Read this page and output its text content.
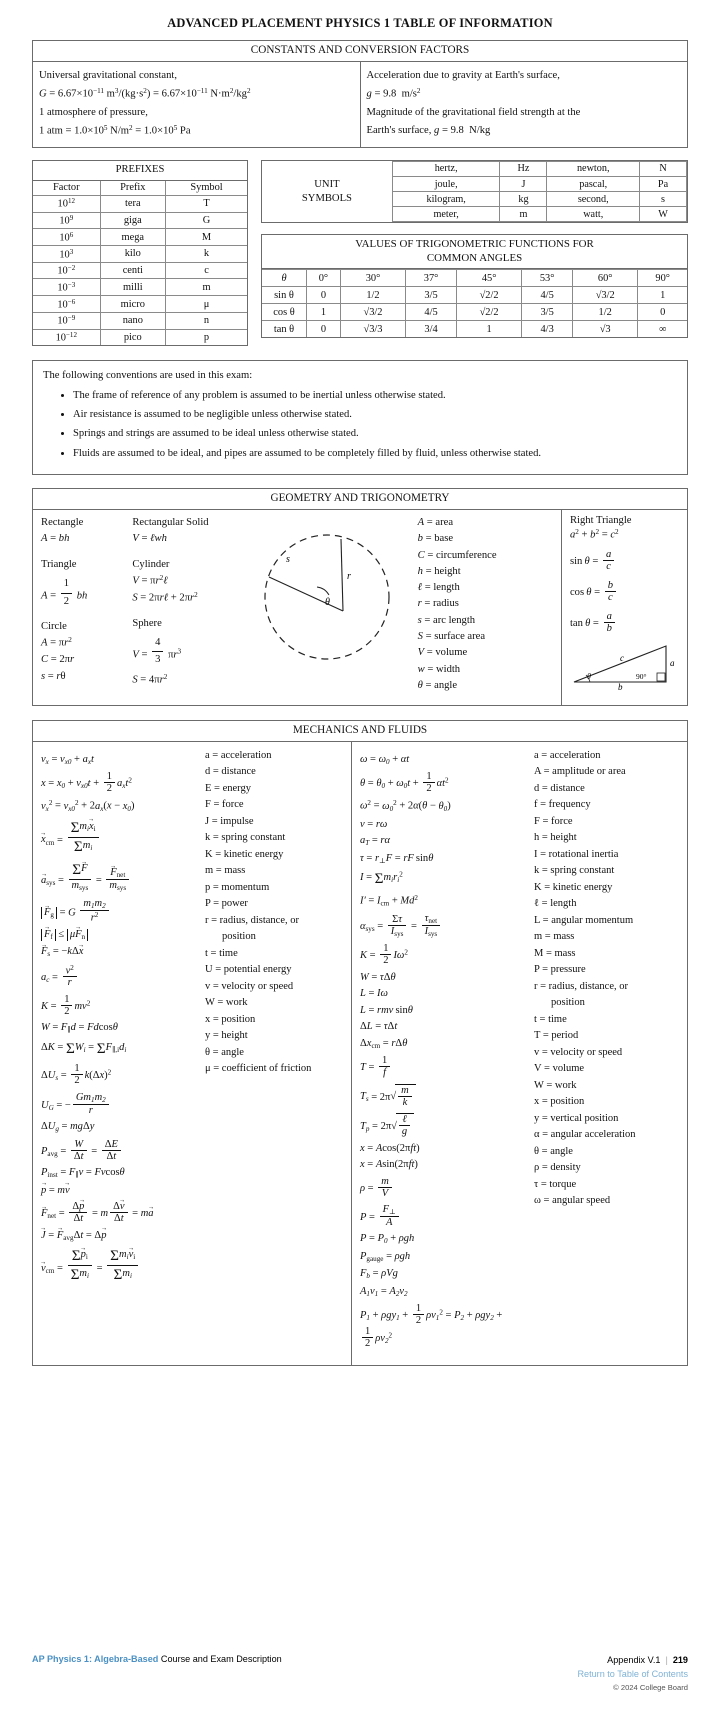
ADVANCED PLACEMENT PHYSICS 1 TABLE OF INFORMATION
CONSTANTS AND CONVERSION FACTORS
Universal gravitational constant,
$G = 6.67\times 10^{-11}$ $m^3/(kg\cdot s^2) = 6.67\times 10^{-11}$ $N\cdot m^2/kg^2$
1 atmosphere of pressure,
1 atm = $1.0\times 10^5$ $N/m^2 = 1.0\times 10^5$ Pa
Acceleration due to gravity at Earth's surface,
g = 9.8  $m/s^2$
Magnitude of the gravitational field strength at the
Earth's surface, g = 9.8  N/kg
PREFIXES
Factor	Prefix	Symbol
$10^{12}$	tera	T
$10^9$	giga	G
$10^6$	mega	M
$10^3$	kilo	k
$10^{-2}$	centi	c
$10^{-3}$	milli	m
$10^{-6}$	micro	μ
$10^{-9}$	nano	n
$10^{-12}$	pico	p
UNIT
SYMBOLS	hertz,	Hz	newton,	N
	joule,	J	pascal,	Pa
	kilogram,	kg	second,	s
	meter,	m	watt,	W
VALUES OF TRIGONOMETRIC FUNCTIONS FOR
COMMON ANGLES
θ	0°	30°	37°	45°	53°	60°	90°
sin θ	0	1/2	3/5	√2/2	4/5	√3/2	1
cos θ	1	√3/2	4/5	√2/2	3/5	1/2	0
tan θ	0	√3/3	3/4	1	4/3	√3	∞
The following conventions are used in this exam:
• The frame of reference of any problem is assumed to be inertial unless otherwise stated.
• Air resistance is assumed to be negligible unless otherwise stated.
• Springs and strings are assumed to be ideal unless otherwise stated.
• Fluids are assumed to be ideal, and pipes are assumed to be completely filled by fluid, unless otherwise stated.
GEOMETRY AND TRIGONOMETRY
Rectangle
A = bh
Triangle
$A = \frac{1}{2}$ bh
Circle
$A = \pi r^2$
C = 2πr
s = rθ
Rectangular Solid
V = ℓwh
Cylinder
$V = \pi r^2\ell$
S = 2πrℓ + $2\pi r^2$
Sphere
$V = \frac{4}{3} \pi r^3$
$S = 4\pi r^2$
s
r
θ
A = area
b = base
C = circumference
h = height
ℓ = length
r = radius
s = arc length
S = surface area
V = volume
w = width
θ = angle
Right Triangle
$a^2 + b^2 = c^2$
$\sin \theta = \frac{a}{c}$
$\cos \theta = \frac{b}{c}$
$\tan \theta = \frac{a}{b}$
θ
c	a
b
90°
MECHANICS AND FLUIDS
$v_x = v_{x0} + a_xt$
$x = x_0 + v_{x0}t + \frac{1}{2} a_xt^2$
$v_x^2 = v_{x0}^2 + 2a_x(x - x_0)$
$x \to_{cm} = \frac{\Sigma m_ix \to_i}{\Sigma m_i}$
$a \to_{sys} = \frac{\Sigma F \to}{m_{sys}} = \frac{F \to_{net}}{m_{sys}}$
$F \to_g = G \frac{m_1m_2}{r^2}$
$F \to_f \le \mu F \to_n$
$F \to_s = -k\Delta x$ →
$a_c = \frac{v^2}{r}$
$K = \frac{1}{2} mv^2$
$W = F_\parallel d = Fdcos\theta$
$\Delta K = \Sigma W_i = \Sigma F_{\parallel,i}d_i$
$\Delta U_s = \frac{1}{2} k(\Delta x)^2$
$U_G$ = − $\frac{Gm_1m_2}{r}$
$\Delta U_g = mg\Delta y$
$P_{avg} = \frac{W}{\Delta t} = \frac{\Delta E}{\Delta t}$
$P_{inst} = F_\parallel v = Fvcos\theta$
p → = mv →
$F \to_{net} = \frac{\Delta p \to}{\Delta t} = m \frac{\Delta v \to}{\Delta t}$ = ma →
J → = $F \to_{avg}\Delta t = \Delta p$ →
$v \to_{cm} = \frac{\Sigma p \to_i}{\Sigma m_i} = \frac{\Sigma m_iv \to_i}{\Sigma m_i}$
a = acceleration
d = distance
E = energy
F = force
J = impulse
k = spring constant
K = kinetic energy
m = mass
p = momentum
P = power
r = radius, distance, or
position
t = time
U = potential energy
v = velocity or speed
W = work
x = position
y = height
θ = angle
μ = coefficient of friction
$\omega = \omega_0 + \alpha t$
$\theta = \theta_0 + \omega_0t + \frac{1}{2} \alpha t^2$
$\omega^2 = \omega_0^2 + 2\alpha(\theta - \theta_0)$
v = rω
$a_T = r\alpha$
$\tau = r_\perp F$ = rF sinθ
$I = \Sigma m_ir_i^2$
$I' = I_{cm} + Md^2$
$\alpha_{sys} = \frac{\Sigma\tau}{I_{sys}} = \frac{\tau_{net}}{I_{sys}}$
$K = \frac{1}{2} I\omega^2$
W = τΔθ
L = Iω
L = rmv sinθ
ΔL = τΔt
$\Delta x_{cm} = r\Delta\theta$
$T = \frac{1}{f}$
$T_s = 2\pi√ \frac{m}{k}$
$T_p = 2\pi√ \frac{\text{ℓ}}{g}$
x = Acos(2πft)
x = Asin(2πft)
$\rho = \frac{m}{V}$
$P = \frac{F_\perp}{A}$
$P = P_0 + \rho gh$
$P_{gauge} = \rho gh$
$F_b = \rho Vg$
$A_1v_1 = A_2v_2$
$P_1 + \rho gy_1 + \frac{1}{2} \rho v_1^2 = P_2 + \rho gy_2$ +
$\frac{1}{2} \rho v_2^2$
a = acceleration
A = amplitude or area
d = distance
f = frequency
F = force
h = height
I = rotational inertia
k = spring constant
K = kinetic energy
ℓ = length
L = angular momentum
m = mass
M = mass
P = pressure
r = radius, distance, or
position
t = time
T = period
v = velocity or speed
V = volume
W = work
x = position
y = vertical position
α = angular acceleration
θ = angle
ρ = density
τ = torque
ω = angular speed
AP Physics 1: Algebra-Based Course and Exam Description	Appendix V.1 | 219
Return to Table of Contents
© 2024 College Board
